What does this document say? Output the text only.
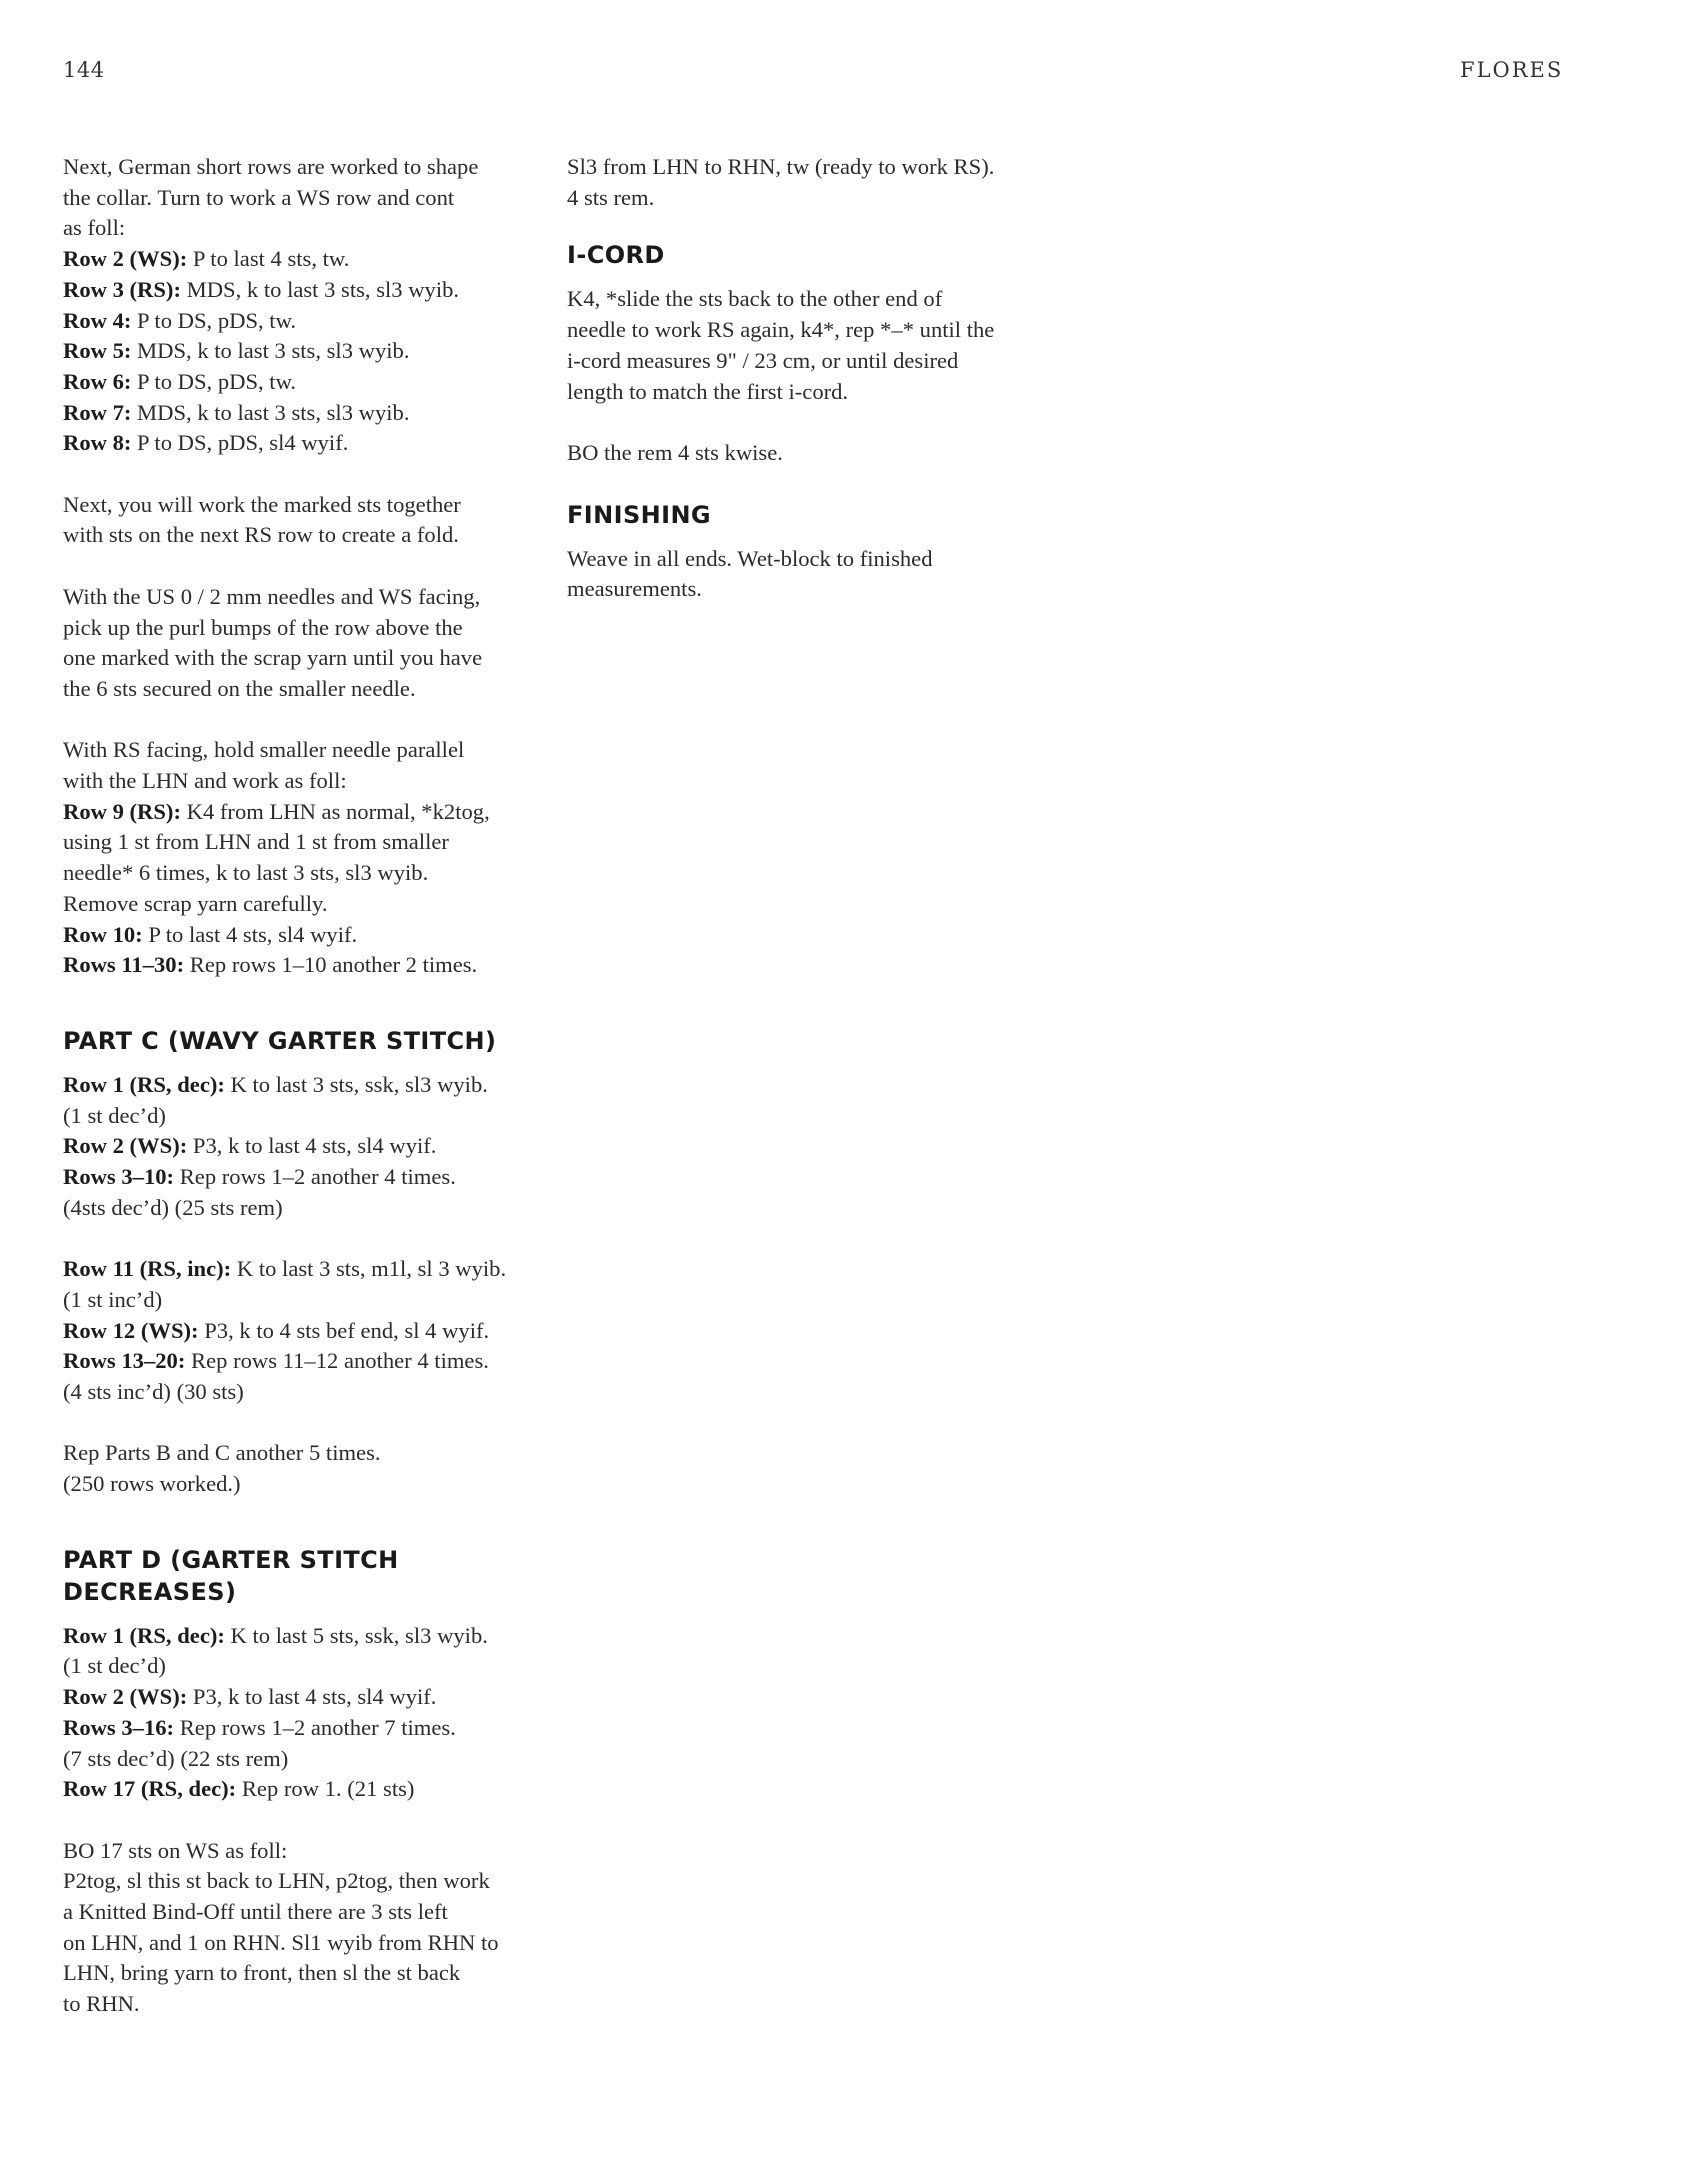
144	FLORES

Next, German short rows are worked to shape
the collar. Turn to work a WS row and cont
as foll:
Row 2 (WS): P to last 4 sts, tw.
Row 3 (RS): MDS, k to last 3 sts, sl3 wyib.
Row 4: P to DS, pDS, tw.
Row 5: MDS, k to last 3 sts, sl3 wyib.
Row 6: P to DS, pDS, tw.
Row 7: MDS, k to last 3 sts, sl3 wyib.
Row 8: P to DS, pDS, sl4 wyif.

Next, you will work the marked sts together
with sts on the next RS row to create a fold.

With the US 0 / 2 mm needles and WS facing,
pick up the purl bumps of the row above the
one marked with the scrap yarn until you have
the 6 sts secured on the smaller needle.

With RS facing, hold smaller needle parallel
with the LHN and work as foll:
Row 9 (RS): K4 from LHN as normal, *k2tog,
using 1 st from LHN and 1 st from smaller
needle* 6 times, k to last 3 sts, sl3 wyib.
Remove scrap yarn carefully.
Row 10: P to last 4 sts, sl4 wyif.
Rows 11–30: Rep rows 1–10 another 2 times.

PART C (WAVY GARTER STITCH)

Row 1 (RS, dec): K to last 3 sts, ssk, sl3 wyib.
(1 st dec’d)
Row 2 (WS): P3, k to last 4 sts, sl4 wyif.
Rows 3–10: Rep rows 1–2 another 4 times.
(4sts dec’d) (25 sts rem)

Row 11 (RS, inc): K to last 3 sts, m1l, sl 3 wyib.
(1 st inc’d)
Row 12 (WS): P3, k to 4 sts bef end, sl 4 wyif.
Rows 13–20: Rep rows 11–12 another 4 times.
(4 sts inc’d) (30 sts)

Rep Parts B and C another 5 times.
(250 rows worked.)

PART D (GARTER STITCH
DECREASES)

Row 1 (RS, dec): K to last 5 sts, ssk, sl3 wyib.
(1 st dec’d)
Row 2 (WS): P3, k to last 4 sts, sl4 wyif.
Rows 3–16: Rep rows 1–2 another 7 times.
(7 sts dec’d) (22 sts rem)
Row 17 (RS, dec): Rep row 1. (21 sts)

BO 17 sts on WS as foll:
P2tog, sl this st back to LHN, p2tog, then work
a Knitted Bind-Off until there are 3 sts left
on LHN, and 1 on RHN. Sl1 wyib from RHN to
LHN, bring yarn to front, then sl the st back
to RHN.

Sl3 from LHN to RHN, tw (ready to work RS).
4 sts rem.

I-CORD

K4, *slide the sts back to the other end of
needle to work RS again, k4*, rep *–* until the
i-cord measures 9" / 23 cm, or until desired
length to match the first i-cord.

BO the rem 4 sts kwise.

FINISHING

Weave in all ends. Wet-block to finished
measurements.
